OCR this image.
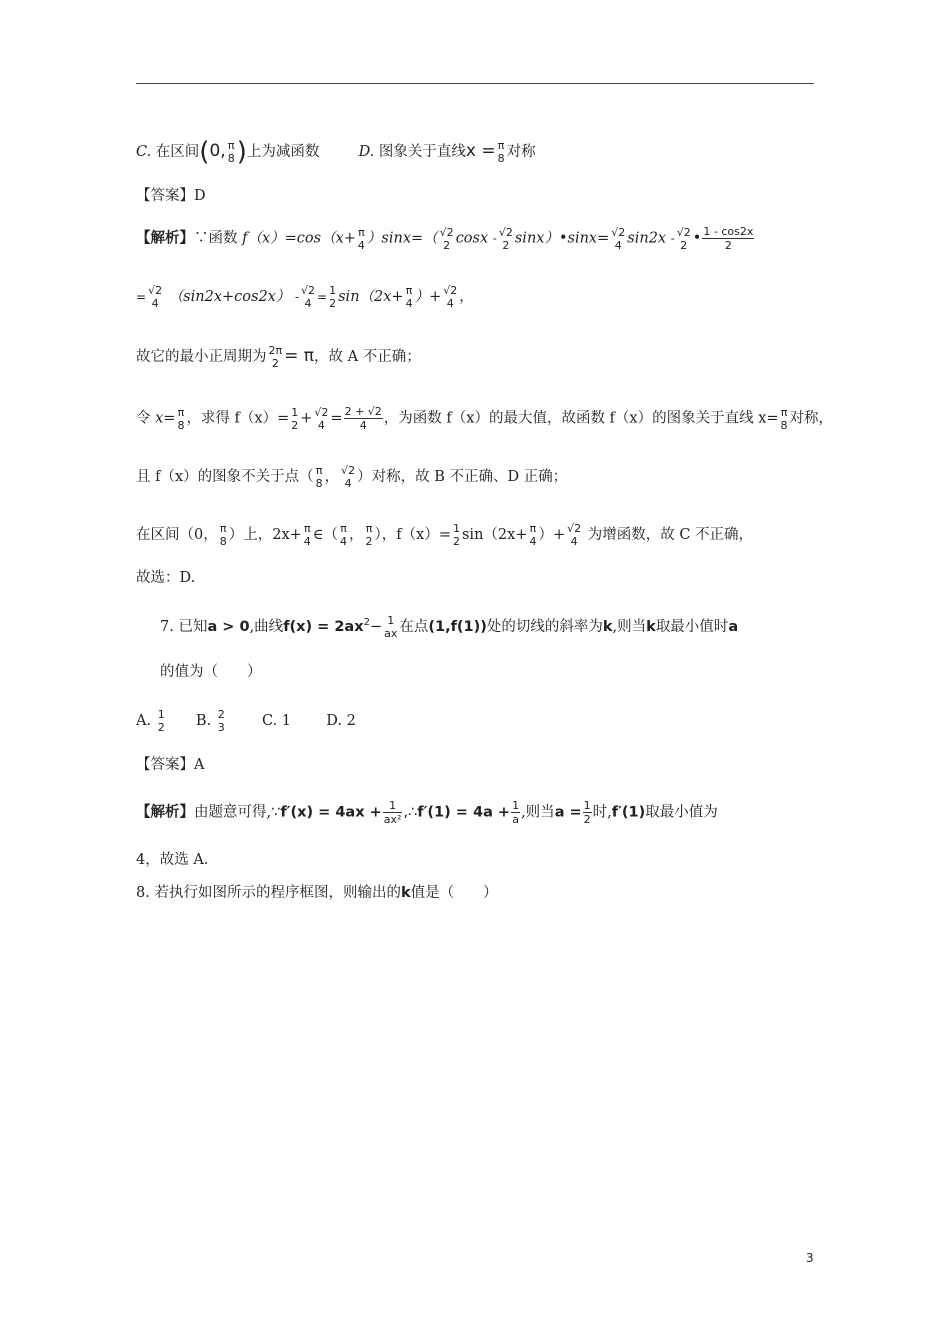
C. 在区间(0, π
8 )上为减函数	D. 图象关于直线x = π
8 对称
【答案】D
【解析】∵函数 f（x）=cos（x+ π
4 ）sinx=（ √2
2 cosx - √2
2 sinx）•sinx= √2
4 sin2x - √2
2 • $\frac{1 - \cos 2x}{2}$
= √2
4 （sin2x+cos2x） - √2
4 = 1
2 sin（2x+ π
4 ）+ √2
4 ，
故它的最小正周期为 2π
2 = π，故 A 不正确；
令 x= π
8 ，求得 f（x）= 1
2 + √2
$4 = \frac{2 + √2}{4}$ ，为函数 f（x）的最大值，故函数 f（x）的图象关于直线 x= π
8 对称，
且 f（x）的图象不关于点（ π
8 ， √2
4 ）对称，故 B 不正确、D 正确；
在区间（0， π
8 ）上，2x+ π
4 ∈（ π
4 ， π
2 ），f（x）= 1
2 sin（2x+ π
4 ）+ √2
4 为增函数，故 C 不正确，
故选：D.
7. 已知a > 0,曲线$f(x) = 2ax^2- 1$
ax 在点(1,f(1))处的切线的斜率为k,则当k取最小值时a
的值为（　　）
A. 1
2 B. 2
3	C. 1 D. 2
【答案】A
【解析】由题意可得,∵f′(x) = $4ax + \frac{1}{\text{ax²}}$ ,∴f′(1) = $4a + \frac{1}{a}$ ,则当$a = \frac{1}{2}$ 时,f′(1)取最小值为
4，故选 A.
8. 若执行如图所示的程序框图，则输出的k值是（　　）
3
